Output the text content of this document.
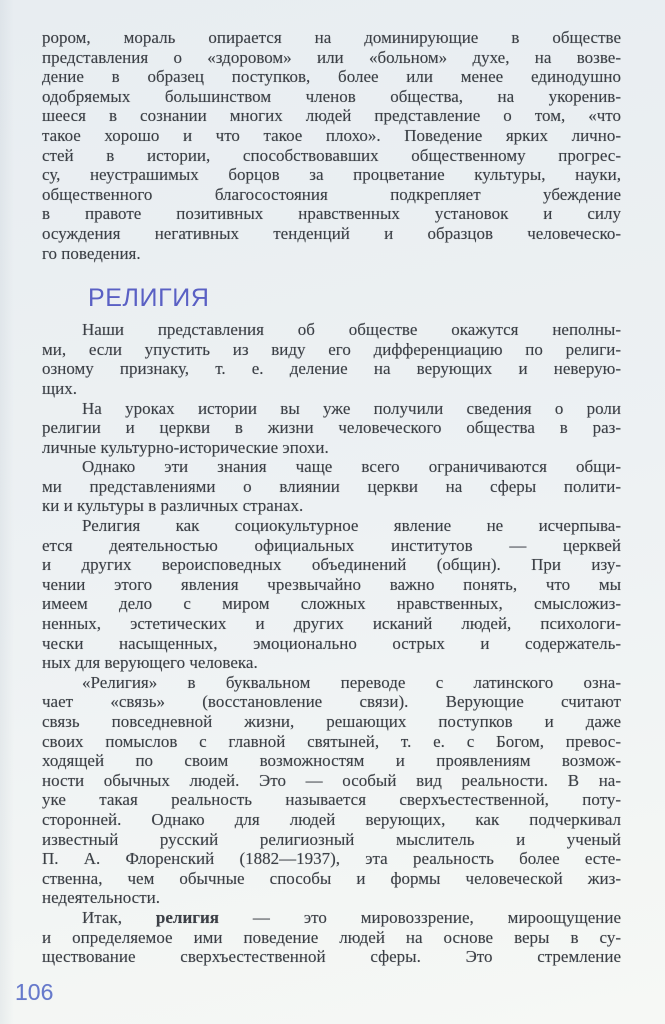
рором, мораль опирается на доминирующие в обществе
представления о «здоровом» или «больном» духе, на возве-
дение в образец поступков, более или менее единодушно
одобряемых большинством членов общества, на укоренив-
шееся в сознании многих людей представление о том, «что
такое хорошо и что такое плохо». Поведение ярких лично-
стей в истории, способствовавших общественному прогрес-
су, неустрашимых борцов за процветание культуры, науки,
общественного благосостояния подкрепляет убеждение
в правоте позитивных нравственных установок и силу
осуждения негативных тенденций и образцов человеческо-
го поведения.
РЕЛИГИЯ
Наши представления об обществе окажутся неполны-
ми, если упустить из виду его дифференциацию по религи-
озному признаку, т. е. деление на верующих и неверую-
щих.
На уроках истории вы уже получили сведения о роли
религии и церкви в жизни человеческого общества в раз-
личные культурно-исторические эпохи.
Однако эти знания чаще всего ограничиваются общи-
ми представлениями о влиянии церкви на сферы полити-
ки и культуры в различных странах.
Религия как социокультурное явление не исчерпыва-
ется деятельностью официальных институтов — церквей
и других вероисповедных объединений (общин). При изу-
чении этого явления чрезвычайно важно понять, что мы
имеем дело с миром сложных нравственных, смысложиз-
ненных, эстетических и других исканий людей, психологи-
чески насыщенных, эмоционально острых и содержатель-
ных для верующего человека.
«Религия» в буквальном переводе с латинского озна-
чает «связь» (восстановление связи). Верующие считают
связь повседневной жизни, решающих поступков и даже
своих помыслов с главной святыней, т. е. с Богом, превос-
ходящей по своим возможностям и проявлениям возмож-
ности обычных людей. Это — особый вид реальности. В на-
уке такая реальность называется сверхъестественной, поту-
сторонней. Однако для людей верующих, как подчеркивал
известный русский религиозный мыслитель и ученый
П. А. Флоренский (1882—1937), эта реальность более есте-
ственна, чем обычные способы и формы человеческой жиз-
недеятельности.
Итак, религия — это мировоззрение, мироощущение
и определяемое ими поведение людей на основе веры в су-
ществование сверхъестественной сферы. Это стремление
106
